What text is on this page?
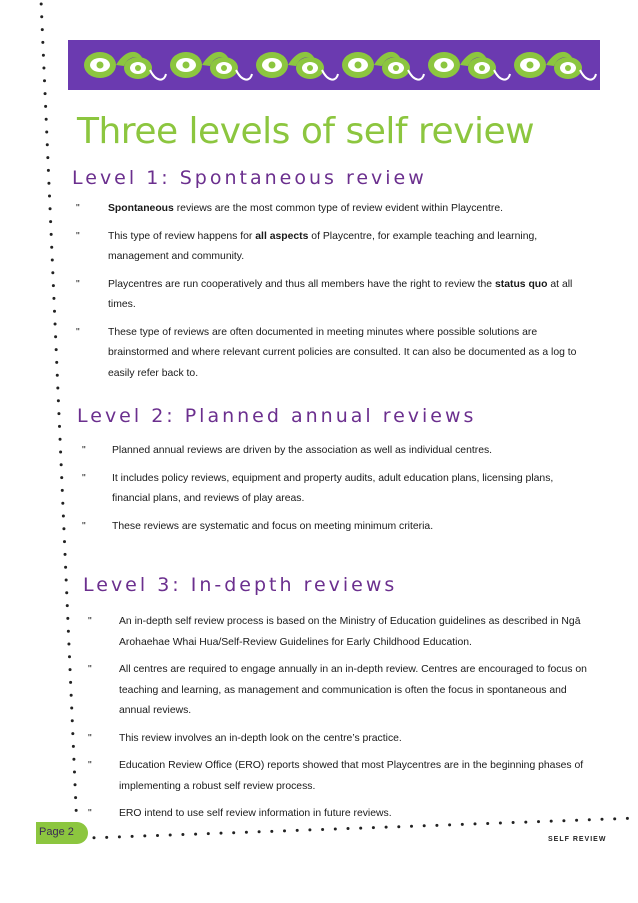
Three levels of self review
Level 1: Spontaneous review
"	Spontaneous reviews are the most common type of review evident within Playcentre.
"	This type of review happens for all aspects of Playcentre, for example teaching and learning, management and community.
"	Playcentres are run cooperatively and thus all members have the right to review the status quo at all times.
"	These type of reviews are often documented in meeting minutes where possible solutions are brainstormed and where relevant current policies are consulted. It can also be documented as a log to easily refer back to.
Level 2: Planned annual reviews
"	Planned annual reviews are driven by the association as well as individual centres.
"	It includes policy reviews, equipment and property audits, adult education plans, licensing plans, financial plans, and reviews of play areas.
"	These reviews are systematic and focus on meeting minimum criteria.
Level 3: In-depth reviews
"	An in-depth self review process is based on the Ministry of Education guidelines as described in Ngā Arohaehae Whai Hua/Self-Review Guidelines for Early Childhood Education.
"	All centres are required to engage annually in an in-depth review. Centres are encouraged to focus on teaching and learning, as management and communication is often the focus in spontaneous and annual reviews.
"	This review involves an in-depth look on the centre’s practice.
"	Education Review Office (ERO) reports showed that most Playcentres are in the beginning phases of implementing a robust self review process.
"	ERO intend to use self review information in future reviews.
Page 2
SELF REVIEW
